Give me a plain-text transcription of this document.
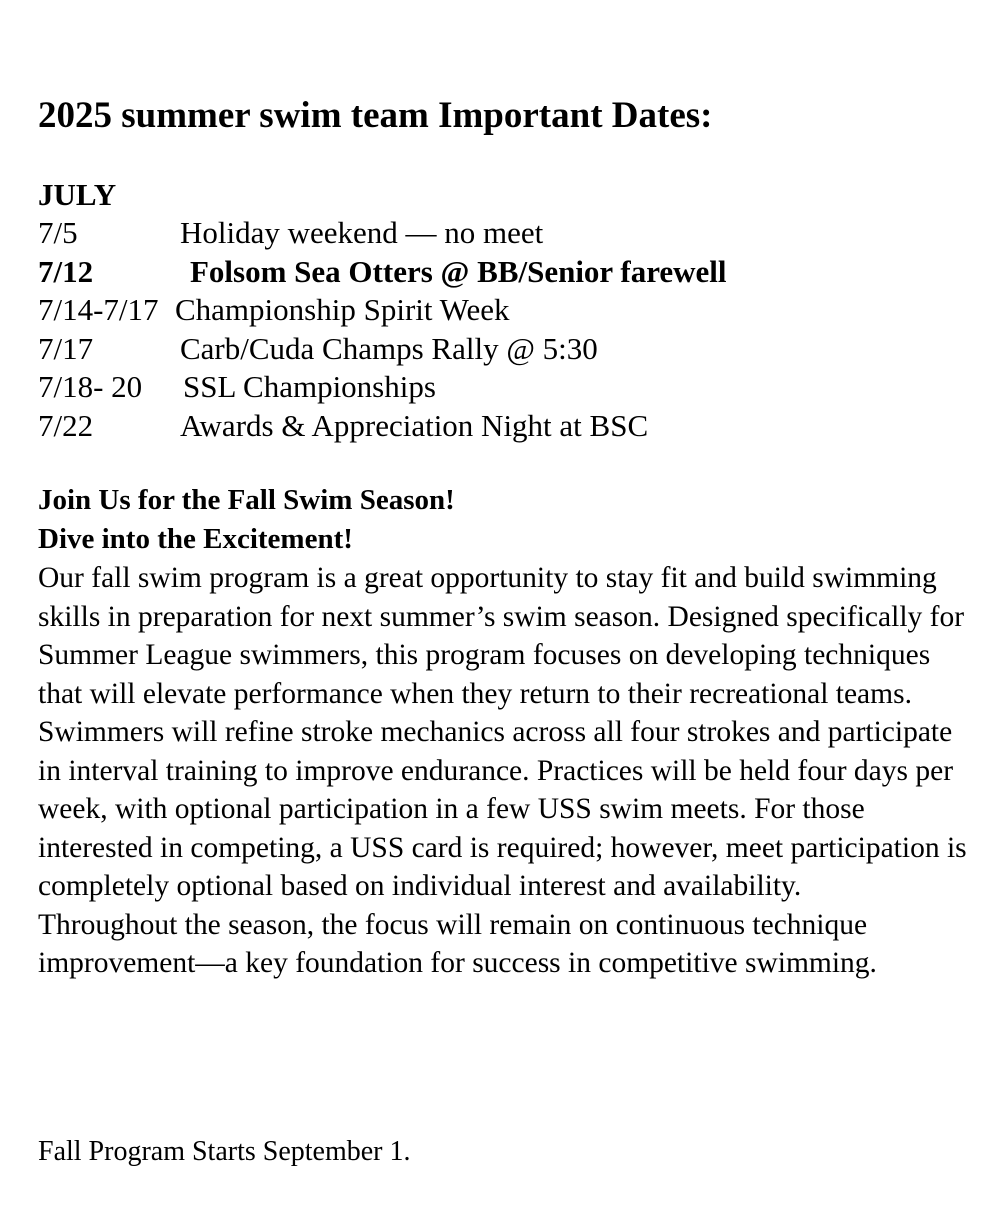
2025 summer swim team Important Dates:
JULY
7/5	Holiday weekend — no meet
7/12	Folsom Sea Otters @ BB/Senior farewell
7/14-7/17 Championship Spirit Week
7/17	Carb/Cuda Champs Rally @ 5:30
7/18- 20 SSL Championships
7/22	Awards & Appreciation Night at BSC
Join Us for the Fall Swim Season!
Dive into the Excitement!

Our fall swim program is a great opportunity to stay fit and build swimming skills in preparation for next summer’s swim season. Designed specifically for Summer League swimmers, this program focuses on developing techniques that will elevate performance when they return to their recreational teams.

Swimmers will refine stroke mechanics across all four strokes and participate in interval training to improve endurance. Practices will be held four days per week, with optional participation in a few USS swim meets. For those interested in competing, a USS card is required; however, meet participation is completely optional based on individual interest and availability.

Throughout the season, the focus will remain on continuous technique improvement—a key foundation for success in competitive swimming.

Fall Program Starts September 1.
